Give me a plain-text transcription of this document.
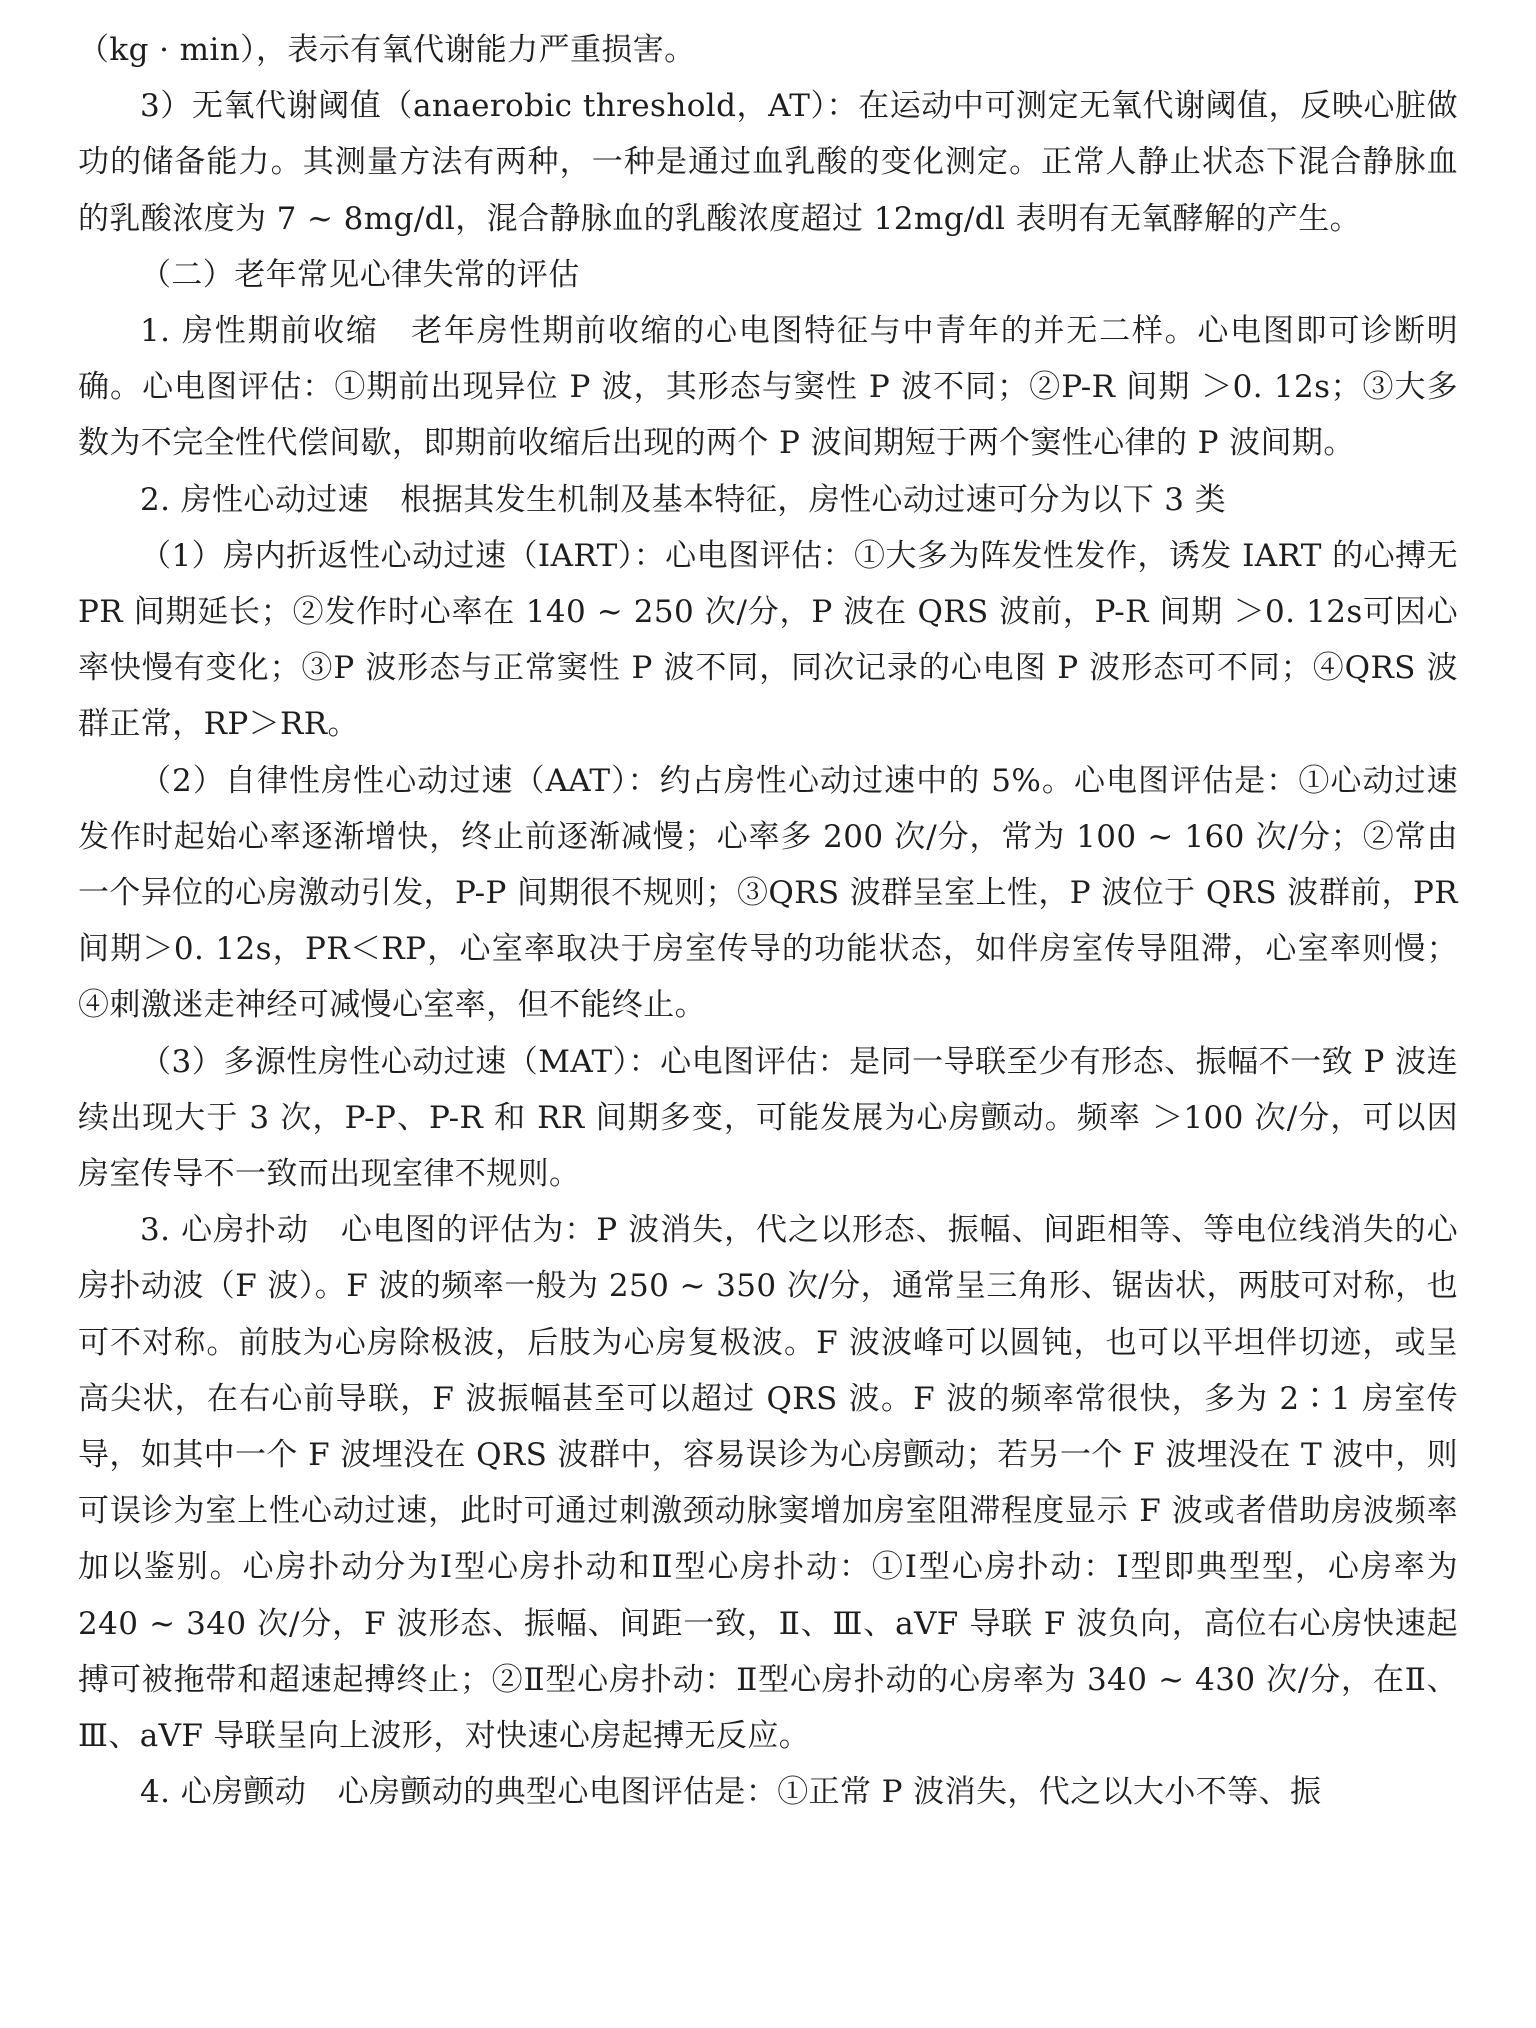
（kg · min），表示有氧代谢能力严重损害。

3）无氧代谢阈值（anaerobic threshold，AT）：在运动中可测定无氧代谢阈值，反映心脏做功的储备能力。其测量方法有两种，一种是通过血乳酸的变化测定。正常人静止状态下混合静脉血的乳酸浓度为 7 ~ 8mg/dl，混合静脉血的乳酸浓度超过 12mg/dl 表明有无氧酵解的产生。

（二）老年常见心律失常的评估

1. 房性期前收缩　老年房性期前收缩的心电图特征与中青年的并无二样。心电图即可诊断明确。心电图评估：①期前出现异位 P 波，其形态与窦性 P 波不同；②P-R 间期 ＞0. 12s；③大多数为不完全性代偿间歇，即期前收缩后出现的两个 P 波间期短于两个窦性心律的 P 波间期。

2. 房性心动过速　根据其发生机制及基本特征，房性心动过速可分为以下 3 类

（1）房内折返性心动过速（IART）：心电图评估：①大多为阵发性发作，诱发 IART 的心搏无 PR 间期延长；②发作时心率在 140 ~ 250 次/分，P 波在 QRS 波前，P-R 间期 ＞0. 12s可因心率快慢有变化；③P 波形态与正常窦性 P 波不同，同次记录的心电图 P 波形态可不同；④QRS 波群正常，RP＞RR。

（2）自律性房性心动过速（AAT）：约占房性心动过速中的 5%。心电图评估是：①心动过速发作时起始心率逐渐增快，终止前逐渐减慢；心率多 200 次/分，常为 100 ~ 160 次/分；②常由一个异位的心房激动引发，P-P 间期很不规则；③QRS 波群呈室上性，P 波位于 QRS 波群前，PR 间期＞0. 12s，PR＜RP，心室率取决于房室传导的功能状态，如伴房室传导阻滞，心室率则慢；④刺激迷走神经可减慢心室率，但不能终止。

（3）多源性房性心动过速（MAT）：心电图评估：是同一导联至少有形态、振幅不一致 P 波连续出现大于 3 次，P-P、P-R 和 RR 间期多变，可能发展为心房颤动。频率 ＞100 次/分，可以因房室传导不一致而出现室律不规则。

3. 心房扑动　心电图的评估为：P 波消失，代之以形态、振幅、间距相等、等电位线消失的心房扑动波（F 波）。F 波的频率一般为 250 ~ 350 次/分，通常呈三角形、锯齿状，两肢可对称，也可不对称。前肢为心房除极波，后肢为心房复极波。F 波波峰可以圆钝，也可以平坦伴切迹，或呈高尖状，在右心前导联，F 波振幅甚至可以超过 QRS 波。F 波的频率常很快，多为 2∶1 房室传导，如其中一个 F 波埋没在 QRS 波群中，容易误诊为心房颤动；若另一个 F 波埋没在 T 波中，则可误诊为室上性心动过速，此时可通过刺激颈动脉窦增加房室阻滞程度显示 F 波或者借助房波频率加以鉴别。心房扑动分为Ⅰ型心房扑动和Ⅱ型心房扑动：①Ⅰ型心房扑动：Ⅰ型即典型型，心房率为 240 ~ 340 次/分，F 波形态、振幅、间距一致，Ⅱ、Ⅲ、aVF 导联 F 波负向，高位右心房快速起搏可被拖带和超速起搏终止；②Ⅱ型心房扑动：Ⅱ型心房扑动的心房率为 340 ~ 430 次/分，在Ⅱ、Ⅲ、aVF 导联呈向上波形，对快速心房起搏无反应。

4. 心房颤动　心房颤动的典型心电图评估是：①正常 P 波消失，代之以大小不等、振
